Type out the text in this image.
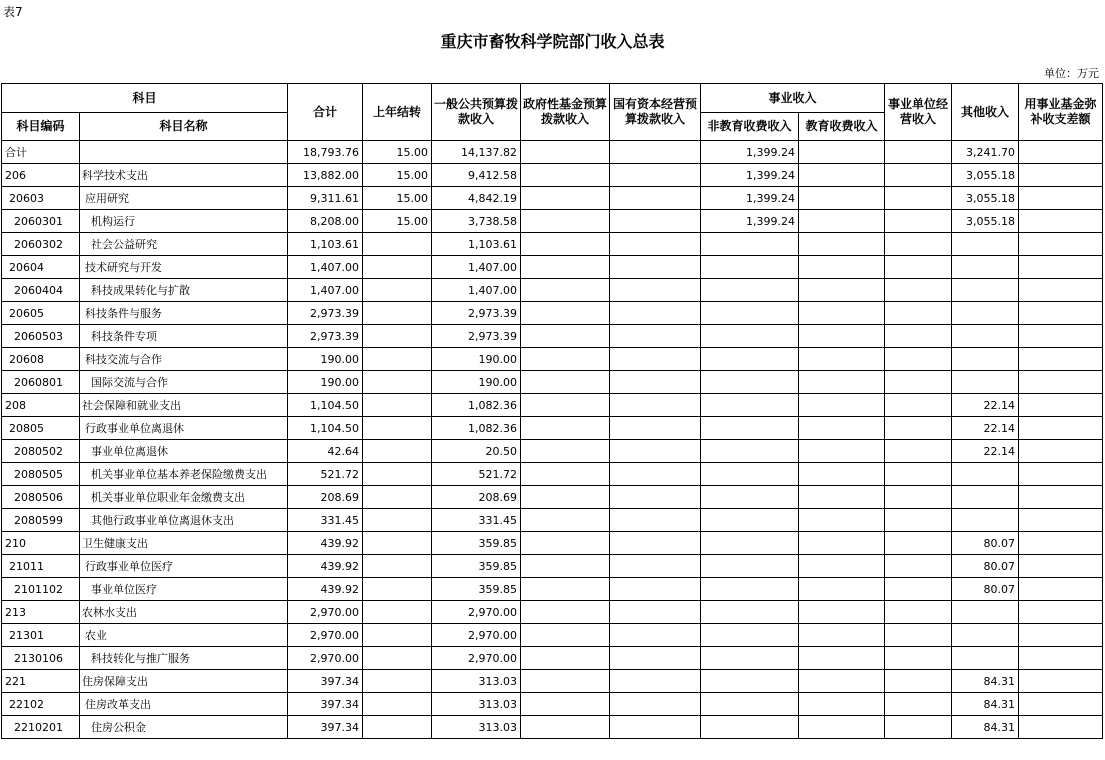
表7
重庆市畜牧科学院部门收入总表
单位：万元
科目		合计	上年结转	一般公共预算拨款收入	政府性基金预算拨款收入	国有资本经营预算拨款收入	事业收入		事业单位经营收入	其他收入	用事业基金弥补收支差额
科目编码	科目名称						非教育收费收入	教育收费收入			
合计		18,793.76	15.00	14,137.82			1,399.24			3,241.70	
206	科学技术支出	13,882.00	15.00	9,412.58			1,399.24			3,055.18	
20603	应用研究	9,311.61	15.00	4,842.19			1,399.24			3,055.18	
2060301	机构运行	8,208.00	15.00	3,738.58			1,399.24			3,055.18	
2060302	社会公益研究	1,103.61		1,103.61							
20604	技术研究与开发	1,407.00		1,407.00							
2060404	科技成果转化与扩散	1,407.00		1,407.00							
20605	科技条件与服务	2,973.39		2,973.39							
2060503	科技条件专项	2,973.39		2,973.39							
20608	科技交流与合作	190.00		190.00							
2060801	国际交流与合作	190.00		190.00							
208	社会保障和就业支出	1,104.50		1,082.36						22.14	
20805	行政事业单位离退休	1,104.50		1,082.36						22.14	
2080502	事业单位离退休	42.64		20.50						22.14	
2080505	机关事业单位基本养老保险缴费支出	521.72		521.72							
2080506	机关事业单位职业年金缴费支出	208.69		208.69							
2080599	其他行政事业单位离退休支出	331.45		331.45							
210	卫生健康支出	439.92		359.85						80.07	
21011	行政事业单位医疗	439.92		359.85						80.07	
2101102	事业单位医疗	439.92		359.85						80.07	
213	农林水支出	2,970.00		2,970.00							
21301	农业	2,970.00		2,970.00							
2130106	科技转化与推广服务	2,970.00		2,970.00							
221	住房保障支出	397.34		313.03						84.31	
22102	住房改革支出	397.34		313.03						84.31	
2210201	住房公积金	397.34		313.03						84.31	
